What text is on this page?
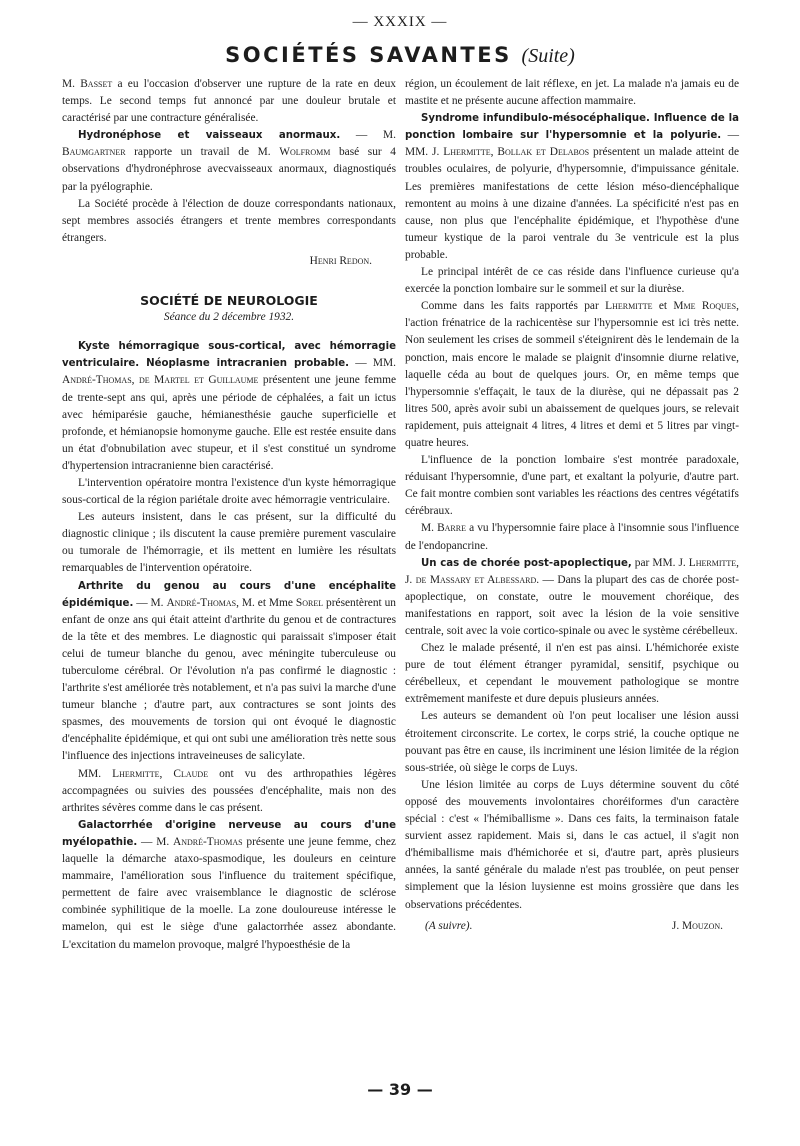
— XXXIX —
SOCIÉTÉS SAVANTES (Suite)

M. Basset a eu l'occasion d'observer une rupture de la rate en deux temps. Le second temps fut annoncé par une douleur brutale et caractérisé par une contracture généralisée.

Hydronéphose et vaisseaux anormaux. — M. Baumgartner rapporte un travail de M. Wolfromm basé sur 4 observations d'hydronéphrose avecvaisseaux anormaux, diagnostiqués par la pyélographie.

La Société procède à l'élection de douze correspondants nationaux, sept membres associés étrangers et trente membres correspondants étrangers.

Henri Redon.

SOCIÉTÉ DE NEUROLOGIE

Séance du 2 décembre 1932.

Kyste hémorragique sous-cortical, avec hémorragie ventriculaire. Néoplasme intracranien probable. — MM. André-Thomas, de Martel et Guillaume présentent une jeune femme de trente-sept ans qui, après une période de céphalées, a fait un ictus avec hémiparésie gauche, hémianesthésie gauche superficielle et profonde, et hémianopsie homonyme gauche. Elle est restée ensuite dans un état d'obnubilation avec stupeur, et il s'est constitué un syndrome d'hypertension intracranienne bien caractérisé.

L'intervention opératoire montra l'existence d'un kyste hémorragique sous-cortical de la région pariétale droite avec hémorragie ventriculaire.

Les auteurs insistent, dans le cas présent, sur la difficulté du diagnostic clinique ; ils discutent la cause première purement vasculaire ou tumorale de l'hémorragie, et ils mettent en lumière les résultats remarquables de l'intervention opératoire.

Arthrite du genou au cours d'une encéphalite épidémique. — M. André-Thomas, M. et Mme Sorel présentèrent un enfant de onze ans qui était atteint d'arthrite du genou et de contractures de la tête et des membres. Le diagnostic qui paraissait s'imposer était celui de tumeur blanche du genou, avec méningite tuberculeuse ou tuberculome cérébral. Or l'évolution n'a pas confirmé le diagnostic : l'arthrite s'est améliorée très notablement, et n'a pas suivi la marche d'une tumeur blanche ; d'autre part, aux contractures se sont joints des spasmes, des mouvements de torsion qui ont évoqué le diagnostic d'encéphalite épidémique, et qui ont subi une amélioration très nette sous l'influence des injections intraveineuses de salicylate.

MM. Lhermitte, Claude ont vu des arthropathies légères accompagnées ou suivies des poussées d'encéphalite, mais non des arthrites sévères comme dans le cas présent.

Galactorrhée d'origine nerveuse au cours d'une myélopathie. — M. André-Thomas présente une jeune femme, chez laquelle la démarche ataxo-spasmodique, les douleurs en ceinture mammaire, l'amélioration sous l'influence du traitement spécifique, permettent de faire avec vraisemblance le diagnostic de sclérose combinée syphilitique de la moelle. La zone douloureuse intéresse le mamelon, qui est le siège d'une galactorrhée assez abondante. L'excitation du mamelon provoque, malgré l'hypoesthésie de la

région, un écoulement de lait réflexe, en jet. La malade n'a jamais eu de mastite et ne présente aucune affection mammaire.

Syndrome infundibulo-mésocéphalique. Influence de la ponction lombaire sur l'hypersomnie et la polyurie. — MM. J. Lhermitte, Bollak et Delabos présentent un malade atteint de troubles oculaires, de polyurie, d'hypersomnie, d'impuissance génitale. Les premières manifestations de cette lésion méso-diencéphalique remontent au moins à une dizaine d'années. La spécificité n'est pas en cause, non plus que l'encéphalite épidémique, et l'hypothèse d'une tumeur kystique de la paroi ventrale du 3e ventricule est la plus probable.

Le principal intérêt de ce cas réside dans l'influence curieuse qu'a exercée la ponction lombaire sur le sommeil et sur la diurèse.

Comme dans les faits rapportés par Lhermitte et Mme Roques, l'action frénatrice de la rachicentèse sur l'hypersomnie est ici très nette. Non seulement les crises de sommeil s'éteignirent dès le lendemain de la ponction, mais encore le malade se plaignit d'insomnie diurne relative, laquelle céda au bout de quelques jours. Or, en même temps que l'hypersomnie s'effaçait, le taux de la diurèse, qui ne dépassait pas 2 litres 500, après avoir subi un abaissement de quelques jours, se relevait rapidement, puis atteignait 4 litres, 4 litres et demi et 5 litres par vingt-quatre heures.

L'influence de la ponction lombaire s'est montrée paradoxale, réduisant l'hypersomnie, d'une part, et exaltant la polyurie, d'autre part. Ce fait montre combien sont variables les réactions des centres végétatifs cérébraux.

M. Barre a vu l'hypersomnie faire place à l'insomnie sous l'influence de l'endopancrine.

Un cas de chorée post-apoplectique, par MM. J. Lhermitte, J. de Massary et Albessard. — Dans la plupart des cas de chorée post-apoplectique, on constate, outre le mouvement choréique, des manifestations en rapport, soit avec la lésion de la voie sensitive centrale, soit avec la voie cortico-spinale ou avec le système cérébelleux.

Chez le malade présenté, il n'en est pas ainsi. L'hémichorée existe pure de tout élément étranger pyramidal, sensitif, psychique ou cérébelleux, et cependant le mouvement pathologique se montre extrêmement manifeste et dure depuis plusieurs années.

Les auteurs se demandent où l'on peut localiser une lésion aussi étroitement circonscrite. Le cortex, le corps strié, la couche optique ne pouvant pas être en cause, ils incriminent une lésion limitée de la région sous-striée, où siège le corps de Luys.

Une lésion limitée au corps de Luys détermine souvent du côté opposé des mouvements involontaires choréiformes d'un caractère spécial : c'est « l'hémiballisme ». Dans ces faits, la terminaison fatale survient assez rapidement. Mais si, dans le cas actuel, il s'agit non d'hémiballisme mais d'hémichorée et si, d'autre part, après plusieurs années, la santé générale du malade n'est pas troublée, on peut penser simplement que la lésion luysienne est moins grossière que dans les observations précédentes.

(A suivre).	J. Mouzon.

— 39 —
